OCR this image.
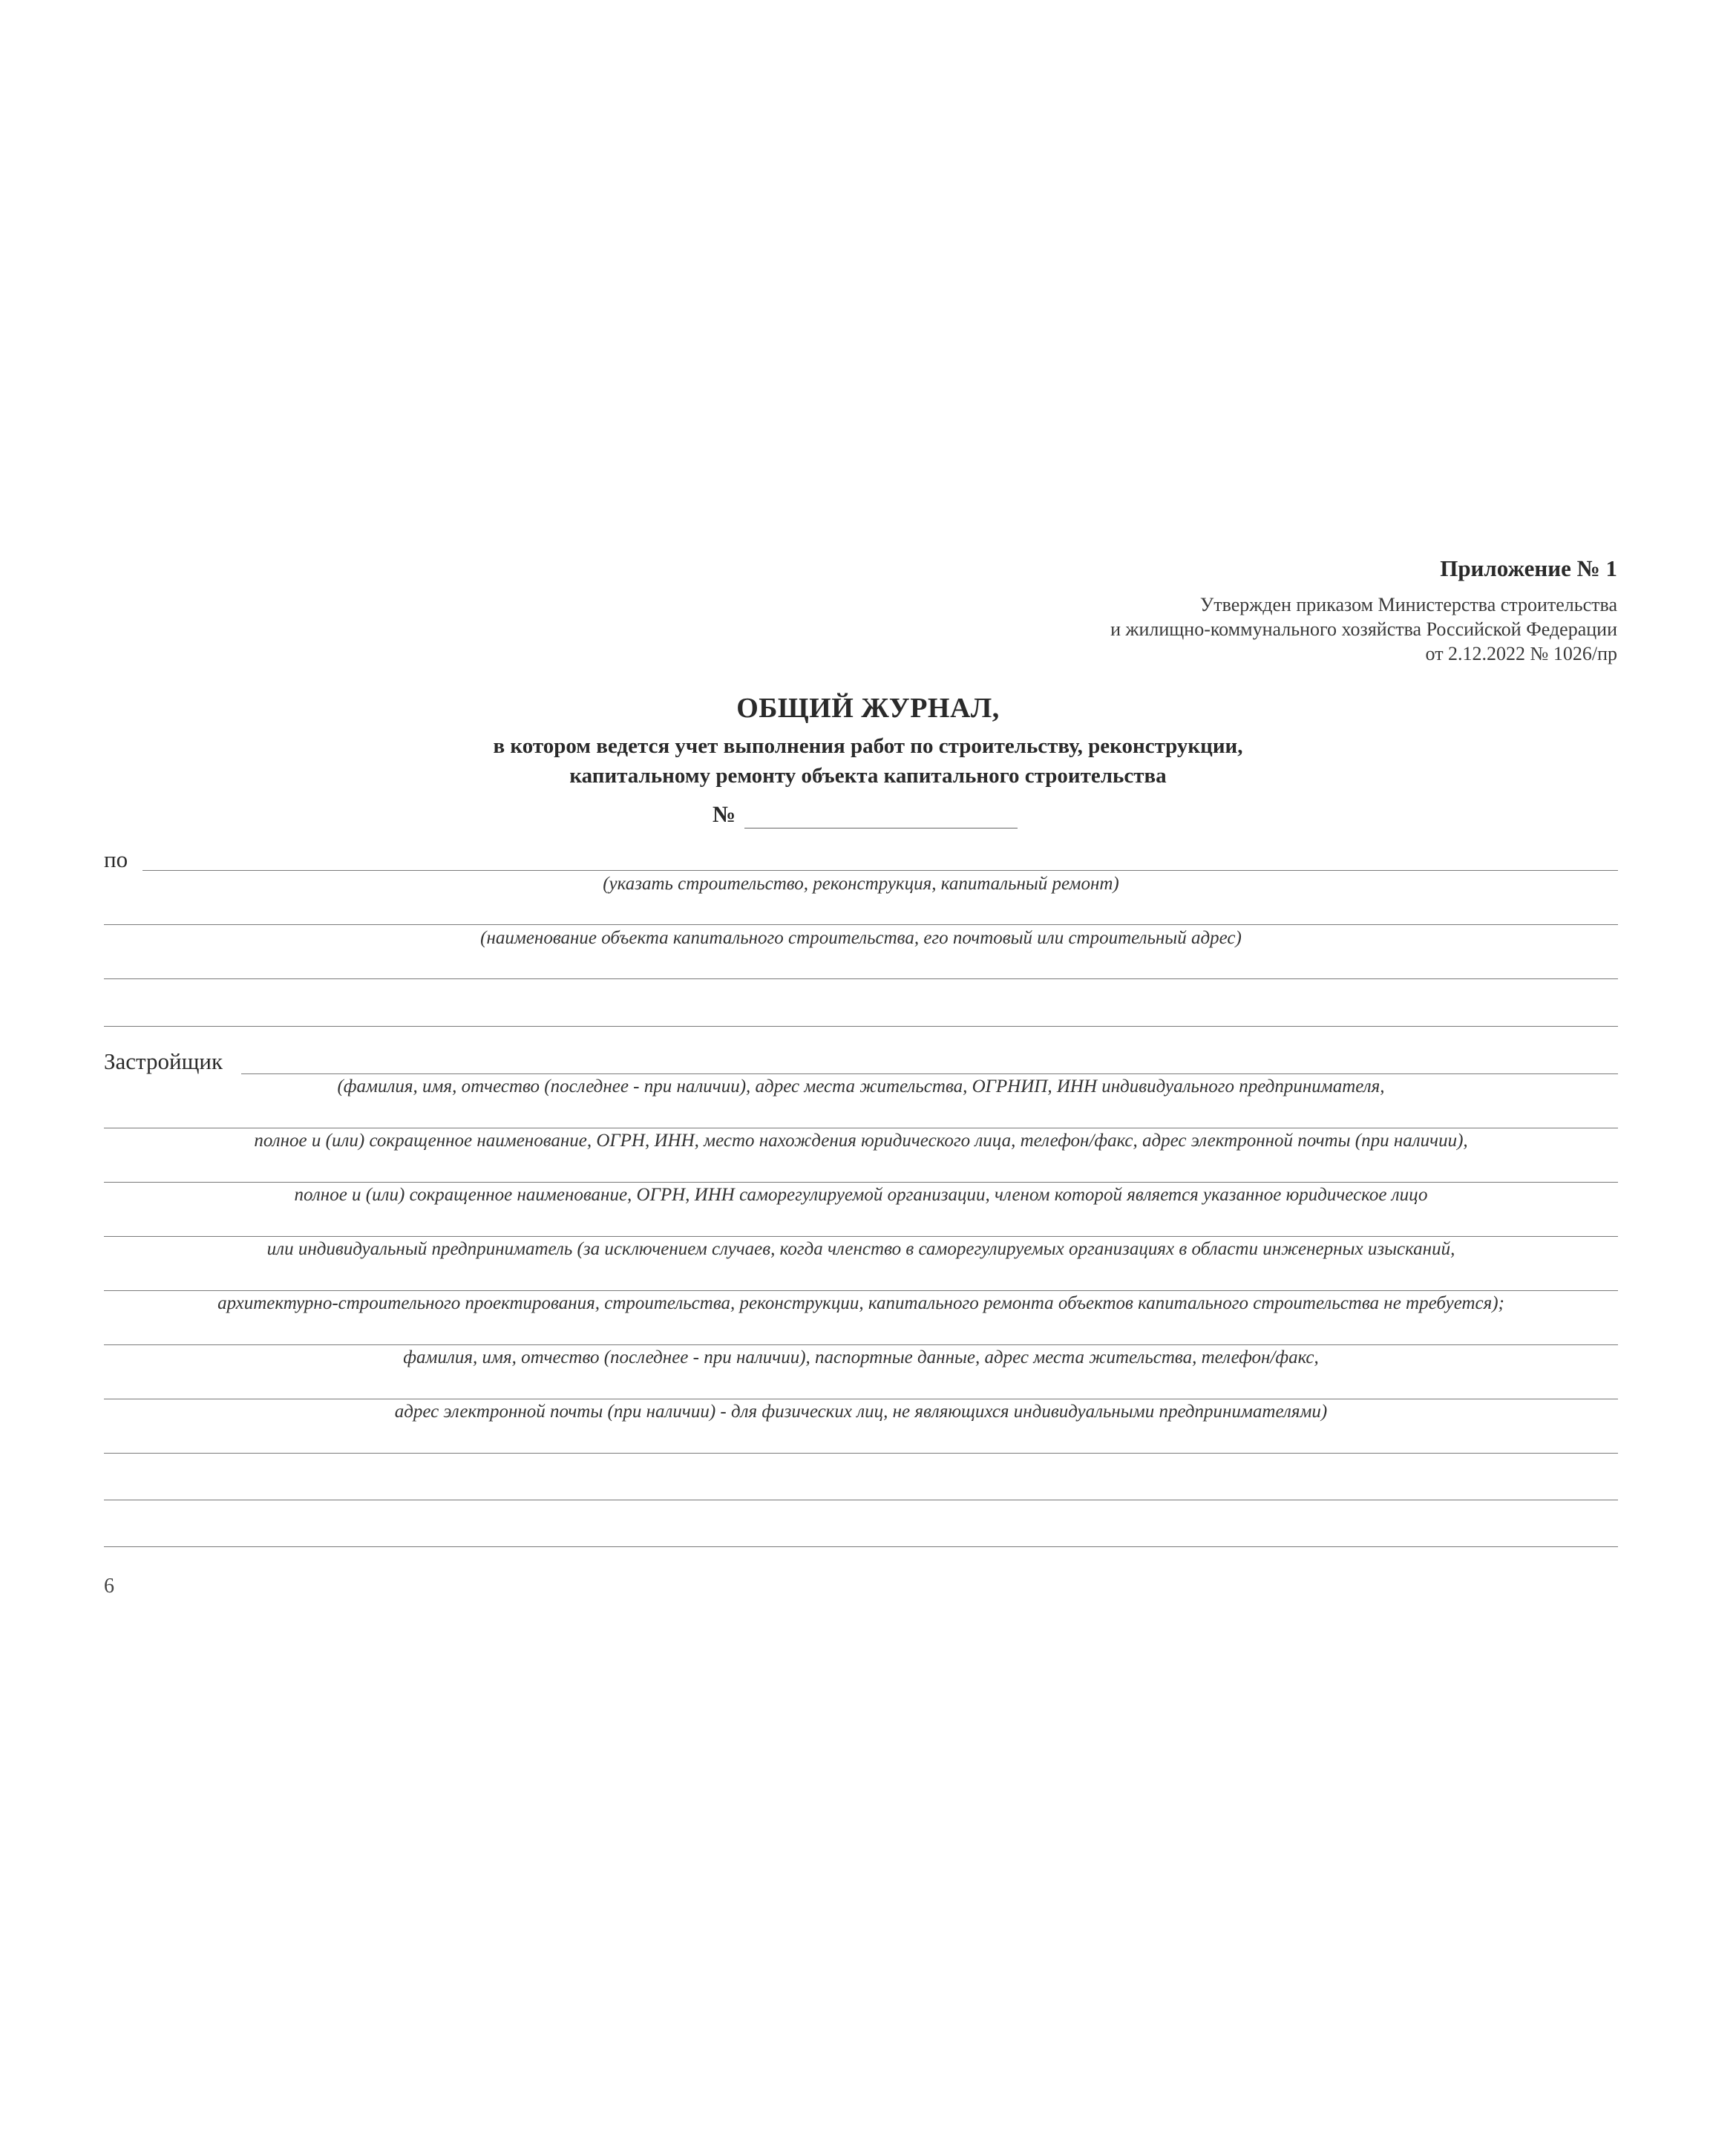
Приложение № 1
Утвержден приказом Министерства строительства
и жилищно-коммунального хозяйства Российской Федерации
от 2.12.2022 № 1026/пр
ОБЩИЙ ЖУРНАЛ,
в котором ведется учет выполнения работ по строительству, реконструкции,
капитальному ремонту объекта капитального строительства
№
по
(указать строительство, реконструкция, капитальный ремонт)
(наименование объекта капитального строительства, его почтовый или строительный адрес)
Застройщик
(фамилия, имя, отчество (последнее - при наличии), адрес места жительства, ОГРНИП, ИНН индивидуального предпринимателя,
полное и (или) сокращенное наименование, ОГРН, ИНН, место нахождения юридического лица, телефон/факс, адрес электронной почты (при наличии),
полное и (или) сокращенное наименование, ОГРН, ИНН саморегулируемой организации, членом которой является указанное юридическое лицо
или индивидуальный предприниматель (за исключением случаев, когда членство в саморегулируемых организациях в области инженерных изысканий,
архитектурно-строительного проектирования, строительства, реконструкции, капитального ремонта объектов капитального строительства не требуется);
фамилия, имя, отчество (последнее - при наличии), паспортные данные, адрес места жительства, телефон/факс,
адрес электронной почты (при наличии) - для физических лиц, не являющихся индивидуальными предпринимателями)
6
